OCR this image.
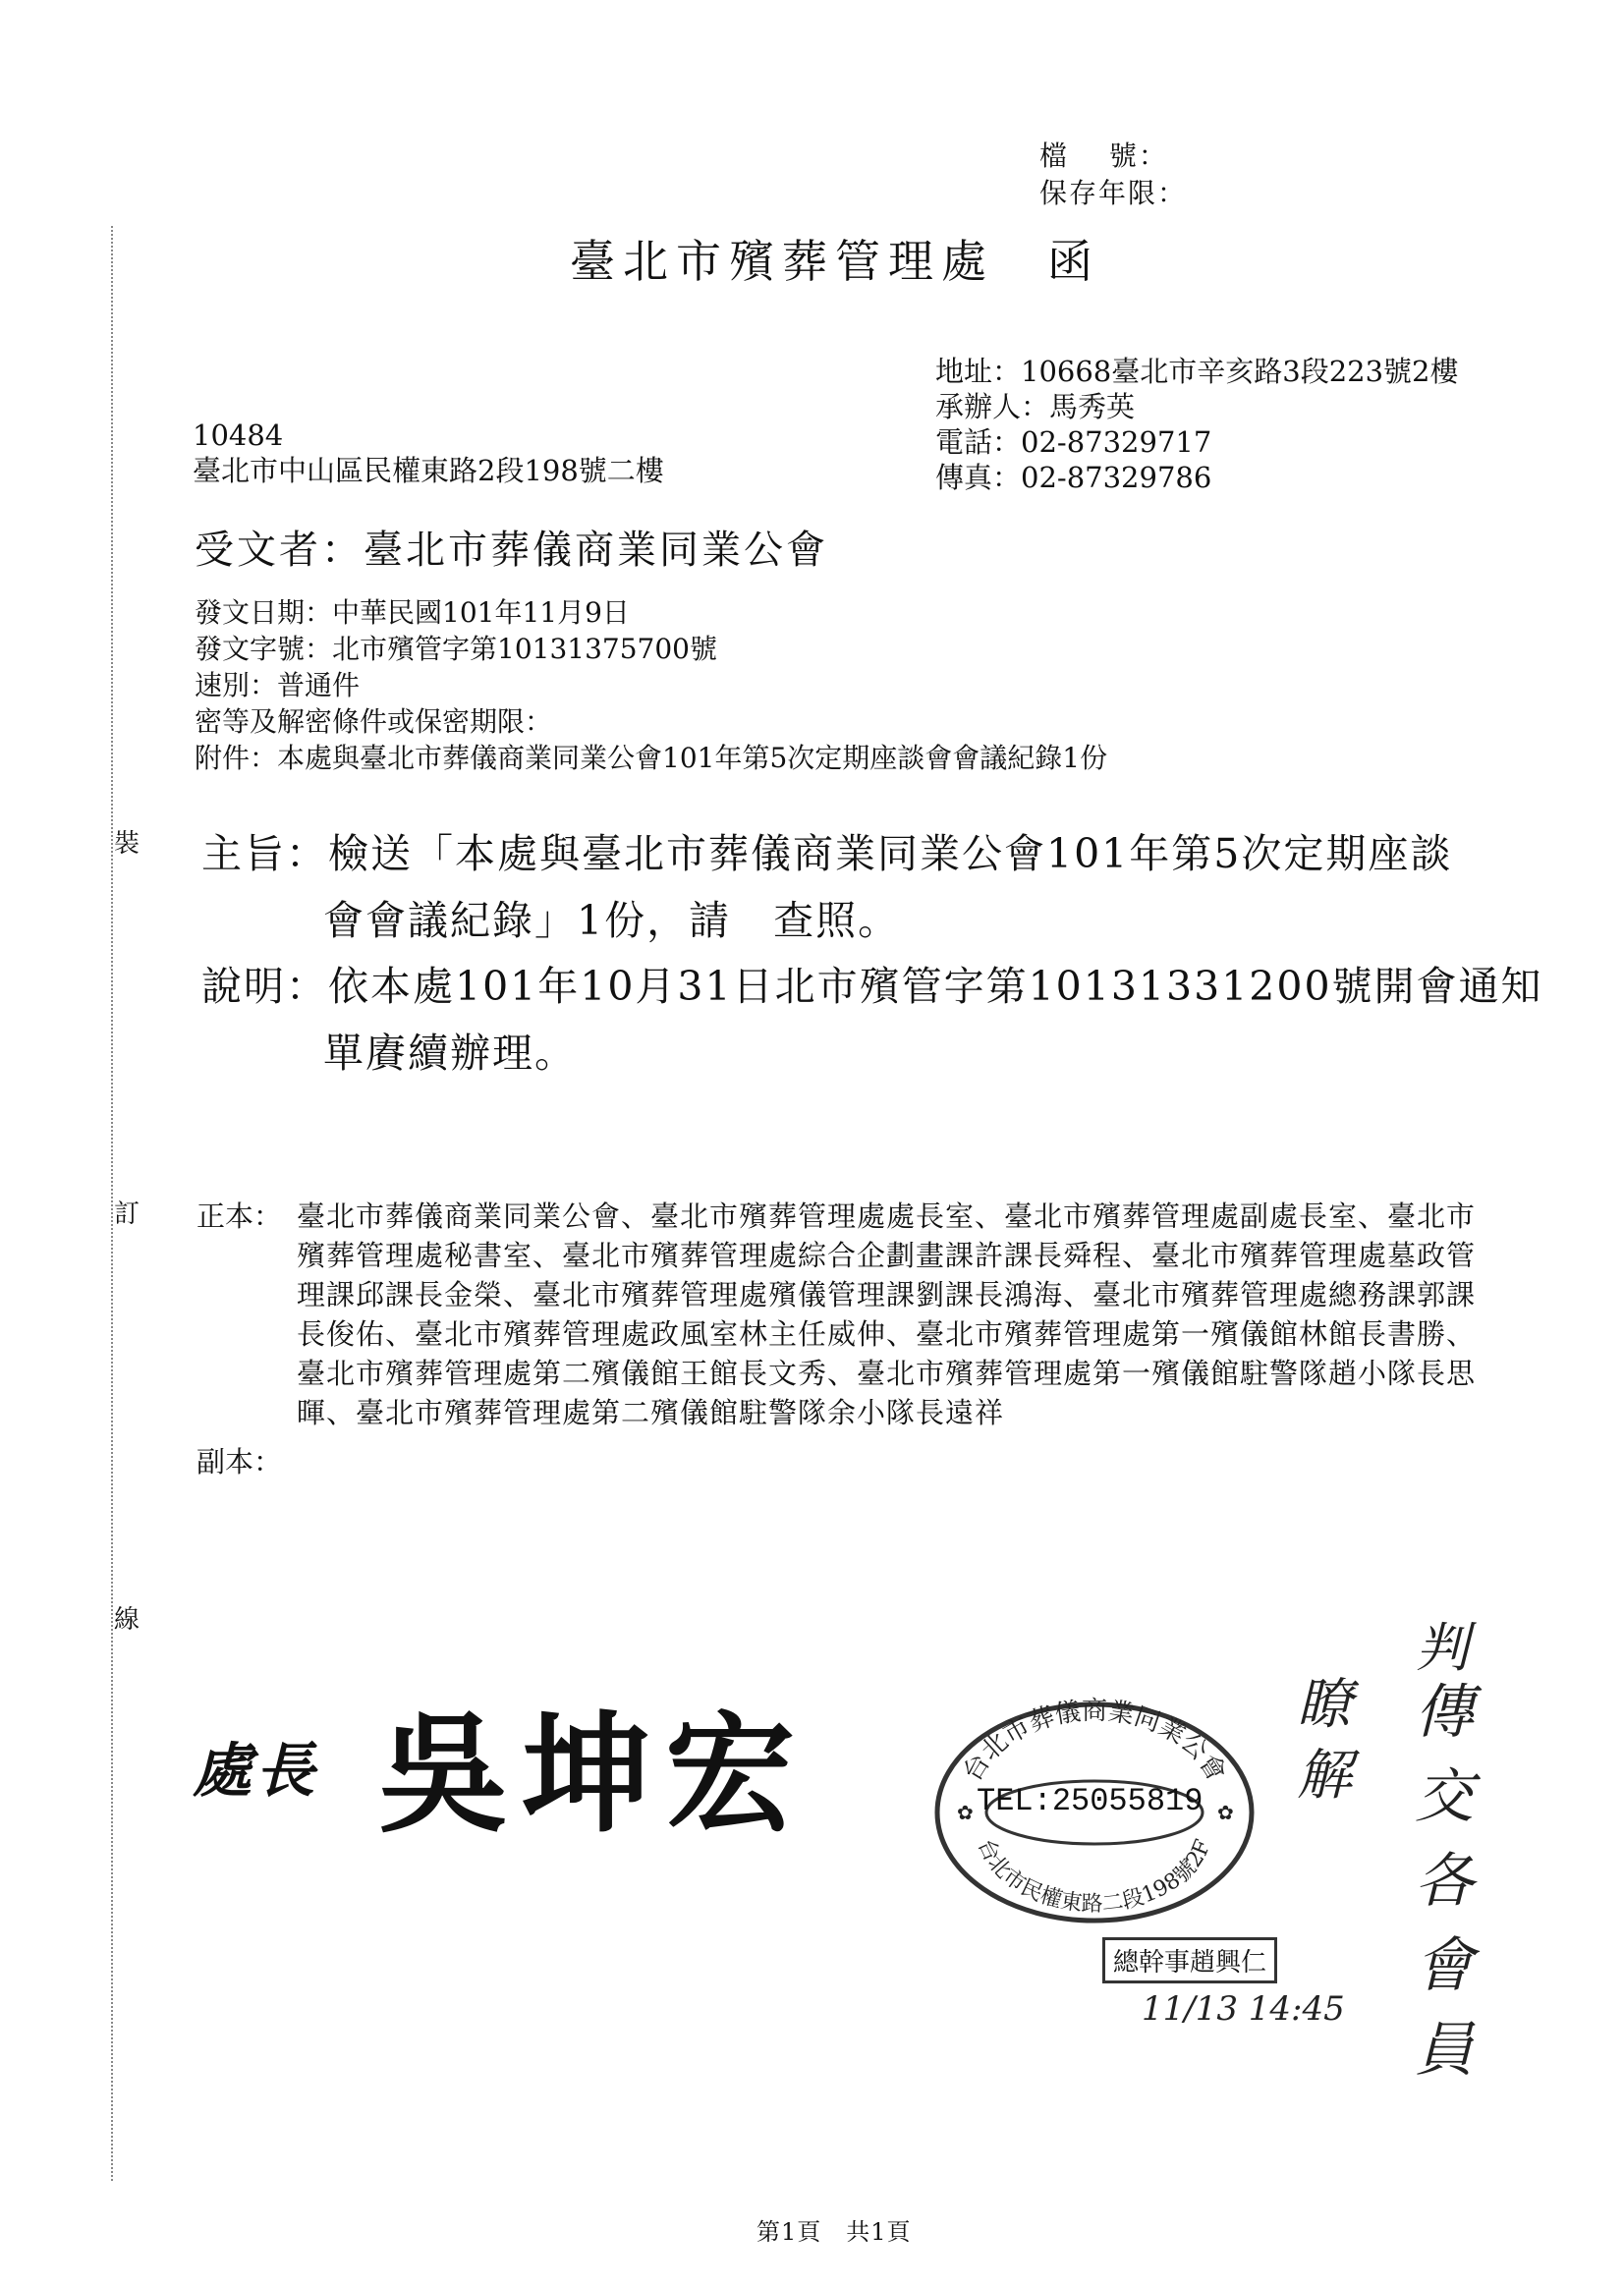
檔　 號：
保存年限：
臺北市殯葬管理處　函
地址：10668臺北市辛亥路3段223號2樓
承辦人：馬秀英
電話：02-87329717
傳真：02-87329786
10484
臺北市中山區民權東路2段198號二樓
受文者：臺北市葬儀商業同業公會
發文日期：中華民國101年11月9日
發文字號：北市殯管字第10131375700號
速別：普通件
密等及解密條件或保密期限：
附件：本處與臺北市葬儀商業同業公會101年第5次定期座談會會議紀錄1份
主旨：檢送「本處與臺北市葬儀商業同業公會101年第5次定期座談
會會議紀錄」1份，請　查照。
說明：依本處101年10月31日北市殯管字第10131331200號開會通知
單賡續辦理。
正本： 臺北市葬儀商業同業公會、臺北市殯葬管理處處長室、臺北市殯葬管理處副處長室、臺北市殯葬管理處秘書室、臺北市殯葬管理處綜合企劃畫課許課長舜程、臺北市殯葬管理處墓政管理課邱課長金榮、臺北市殯葬管理處殯儀管理課劉課長鴻海、臺北市殯葬管理處總務課郭課長俊佑、臺北市殯葬管理處政風室林主任威伸、臺北市殯葬管理處第一殯儀館林館長書勝、臺北市殯葬管理處第二殯儀館王館長文秀、臺北市殯葬管理處第一殯儀館駐警隊趙小隊長思暉、臺北市殯葬管理處第二殯儀館駐警隊余小隊長遠祥
副本：
裝
訂
線
處長 吳坤宏	台北市葬儀商業同業公會
台北市民權東路二段198號2F
✿	✿
TEL:25055819
總幹事趙興仁
判
瞭解
傳交各會員
11/13 14:45
第1頁　共1頁
